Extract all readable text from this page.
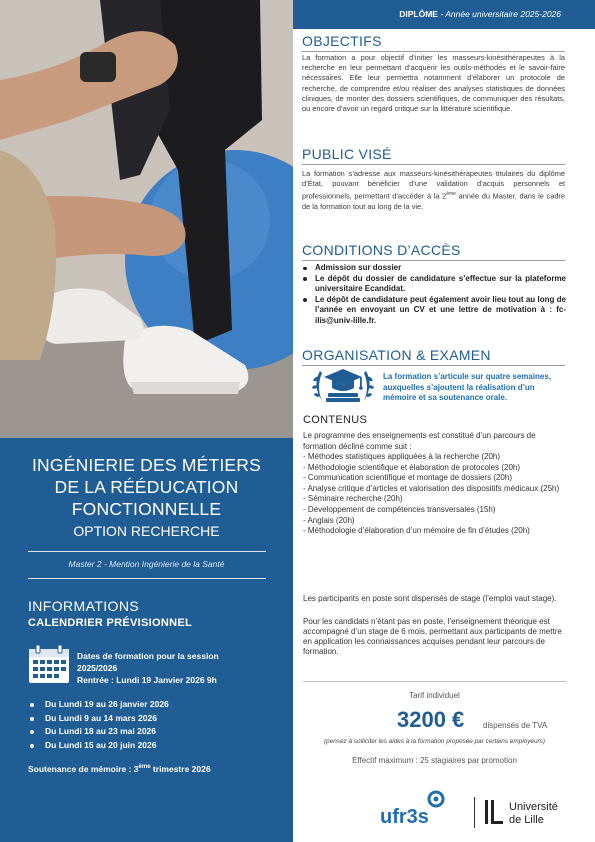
INGÉNIERIE DES MÉTIERS
DE LA RÉÉDUCATION
FONCTIONNELLE
OPTION RECHERCHE
Master 2 - Mention Ingénierie de la Santé
INFORMATIONS
CALENDRIER PRÉVISIONNEL
Dates de formation pour la session
2025/2026
Rentrée : Lundi 19 Janvier 2026 9h
Du Lundi 19 au 26 janvier 2026
Du Lundi 9 au 14 mars 2026
Du Lundi 18 au 23 mai 2026
Du Lundi 15 au 20 juin 2026
Soutenance de mémoire : 3ème trimestre 2026
DIPLÔME - Année universitaire 2025-2026
OBJECTIFS
La formation a pour objectif d’initier les masseurs-kinésithérapeutes à la recherche en leur permettant d’acquérir les outils-méthodes et le savoir-faire nécessaires. Elle leur permettra notamment d’élaborer un protocole de recherche, de comprendre et/ou réaliser des analyses statistiques de données cliniques, de monter des dossiers scientifiques, de communiquer des résultats, ou encore d’avoir un regard critique sur la littérature scientifique.
PUBLIC VISÉ
La formation s’adresse aux masseurs-kinésithérapeutes titulaires du diplôme d’État, pouvant bénéficier d’une validation d’acquis personnels et professionnels, permettant d’accéder à la 2ème année du Master, dans le cadre de la formation tout au long de la vie.
CONDITIONS D’ACCÈS
Admission sur dossier
Le dépôt du dossier de candidature s’effectue sur la plateforme universitaire Ecandidat.
Le dépôt de candidature peut également avoir lieu tout au long de l’année en envoyant un CV et une lettre de motivation à : fc-ilis@univ-lille.fr.
ORGANISATION & EXAMEN
La formation s’articule sur quatre semaines, auxquelles s’ajoutent la réalisation d’un mémoire et sa soutenance orale.
CONTENUS
Le programme des enseignements est constitué d’un parcours de formation décliné comme suit :
- Méthodes statistiques appliquées à la recherche (20h)
- Méthodologie scientifique et élaboration de protocoles (20h)
- Communication scientifique et montage de dossiers (20h)
- Analyse critique d’articles et valorisation des dispositifs médicaux (25h)
- Séminaire recherche (20h)
- Développement de compétences transversales (15h)
- Anglais (20h)
- Méthodologie d’élaboration d’un mémoire de fin d’études (20h)
Les participants en poste sont dispensés de stage (l’emploi vaut stage).
Pour les candidats n’étant pas en poste, l’enseignement théorique est accompagné d’un stage de 6 mois, permettant aux participants de mettre en application les connaissances acquises pendant leur parcours de formation.
Tarif individuel
3200 € dispensés de TVA
(pensez à solliciter les aides à la formation proposée par certains employeurs)
Effectif maximum : 25 stagiaires par promotion
ufr3s	Université
de Lille
